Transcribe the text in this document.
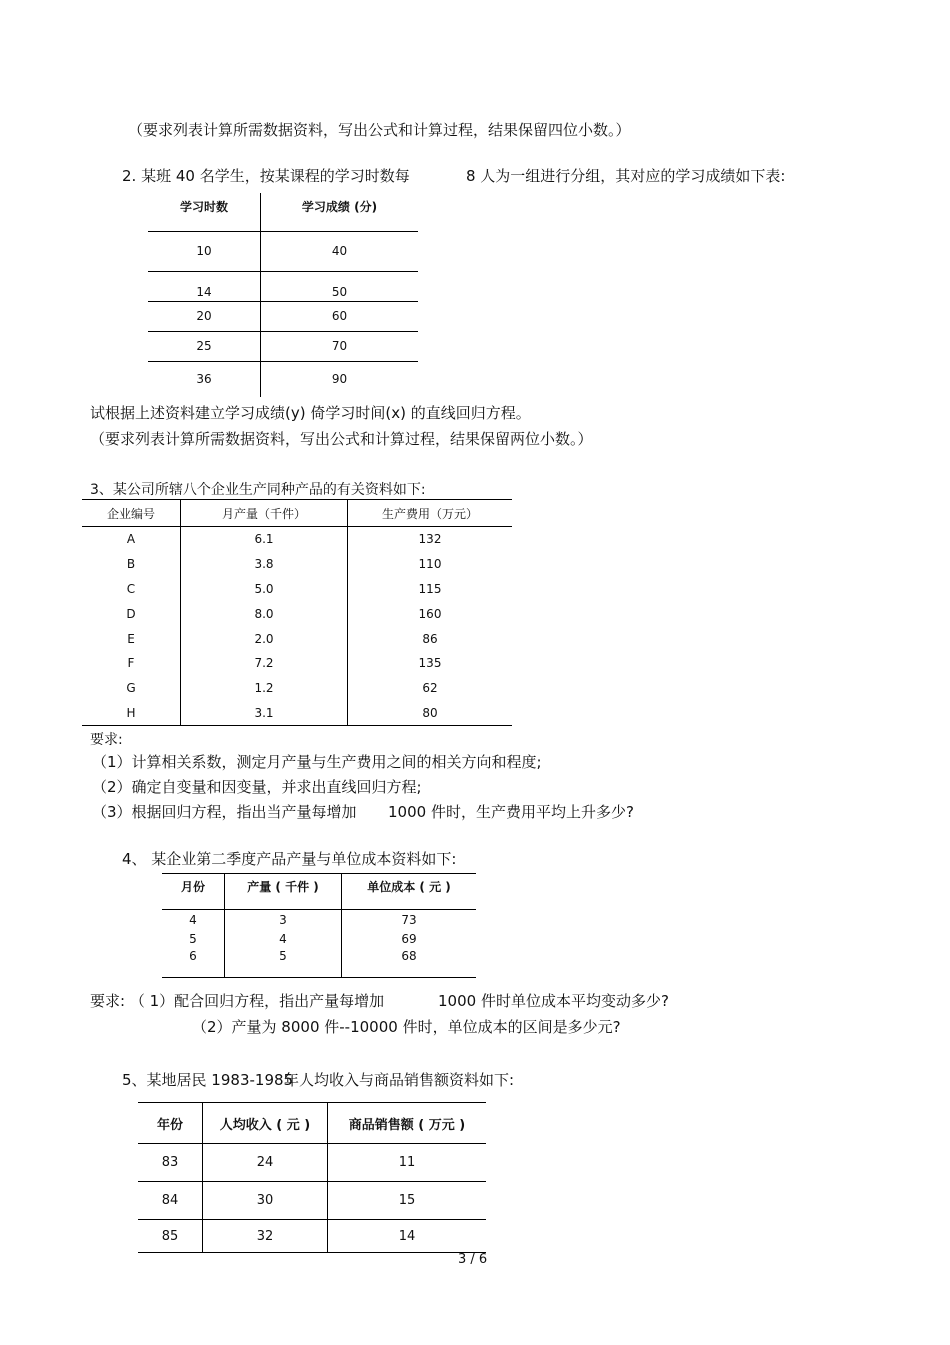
（要求列表计算所需数据资料，写出公式和计算过程，结果保留四位小数。）
2. 某班 40 名学生，按某课程的学习时数每	8 人为一组进行分组，其对应的学习成绩如下表:
学习时数	学习成绩 (分)
10	40
14	50
20	60
25	70
36	90
试根据上述资料建立学习成绩(y) 倚学习时间(x) 的直线回归方程。
（要求列表计算所需数据资料，写出公式和计算过程，结果保留两位小数。）
3、某公司所辖八个企业生产同种产品的有关资料如下:
企业编号	月产量（千件）	生产费用（万元）
A	6.1	132
B	3.8	110
C	5.0	115
D	8.0	160
E	2.0	86
F	7.2	135
G	1.2	62
H	3.1	80
要求:
（1）计算相关系数，测定月产量与生产费用之间的相关方向和程度;
（2）确定自变量和因变量，并求出直线回归方程;
（3）根据回归方程，指出当产量每增加 1000 件时，生产费用平均上升多少?
4、 某企业第二季度产品产量与单位成本资料如下:
月份	产量 ( 千件 )	单位成本 ( 元 )
4	3	73
5	4	69
6	5	68
要求: （ 1）配合回归方程，指出产量每增加	1000 件时单位成本平均变动多少?
（2）产量为 8000 件--10000 件时，单位成本的区间是多少元?
5、某地居民 1983-1985
年人均收入与商品销售额资料如下:
年份	人均收入 ( 元 )	商品销售额 ( 万元 )
83	24	11
84	30	15
85	32	14
3 / 6
